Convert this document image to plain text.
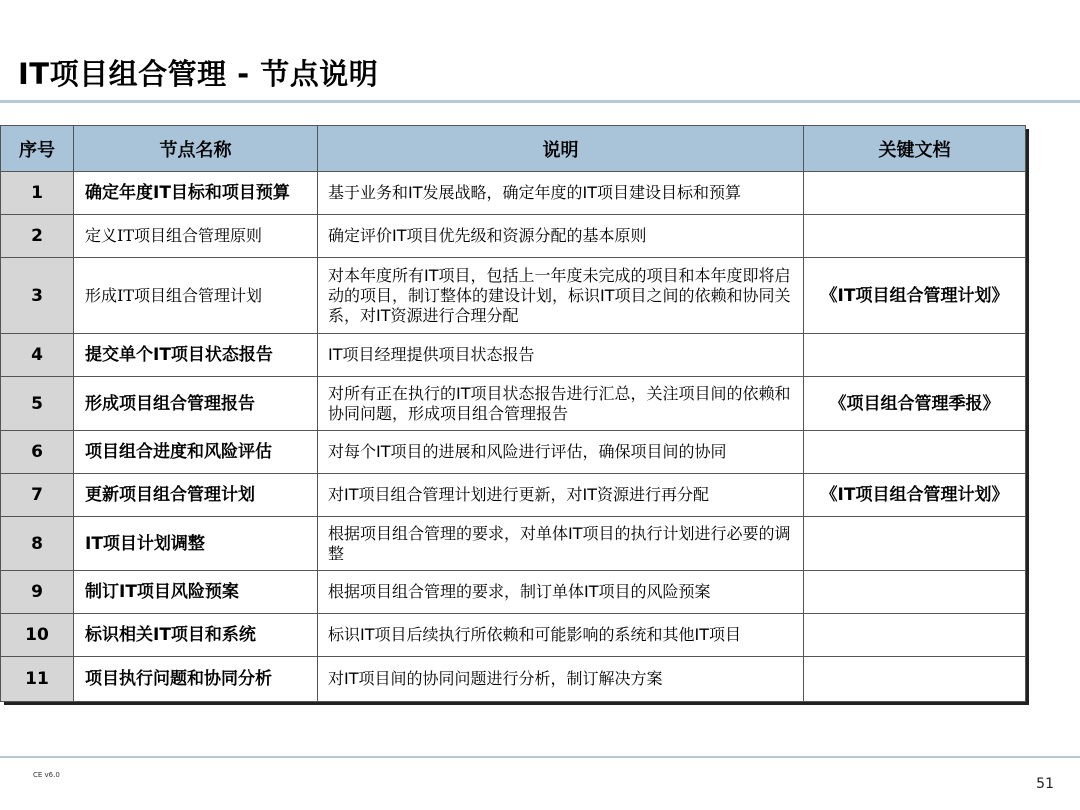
IT项目组合管理 - 节点说明
序号	节点名称	说明	关键文档
1	确定年度IT目标和项目预算	基于业务和IT发展战略，确定年度的IT项目建设目标和预算	
2	定义IT项目组合管理原则	确定评价IT项目优先级和资源分配的基本原则	
3	形成IT项目组合管理计划	对本年度所有IT项目，包括上一年度未完成的项目和本年度即将启动的项目，制订整体的建设计划，标识IT项目之间的依赖和协同关系，对IT资源进行合理分配	《IT项目组合管理计划》
4	提交单个IT项目状态报告	IT项目经理提供项目状态报告	
5	形成项目组合管理报告	对所有正在执行的IT项目状态报告进行汇总，关注项目间的依赖和协同问题，形成项目组合管理报告	《项目组合管理季报》
6	项目组合进度和风险评估	对每个IT项目的进展和风险进行评估，确保项目间的协同	
7	更新项目组合管理计划	对IT项目组合管理计划进行更新，对IT资源进行再分配	《IT项目组合管理计划》
8	IT项目计划调整	根据项目组合管理的要求，对单体IT项目的执行计划进行必要的调整	
9	制订IT项目风险预案	根据项目组合管理的要求，制订单体IT项目的风险预案	
10	标识相关IT项目和系统	标识IT项目后续执行所依赖和可能影响的系统和其他IT项目	
11	项目执行问题和协同分析	对IT项目间的协同问题进行分析，制订解决方案	
CE v6.0
51
